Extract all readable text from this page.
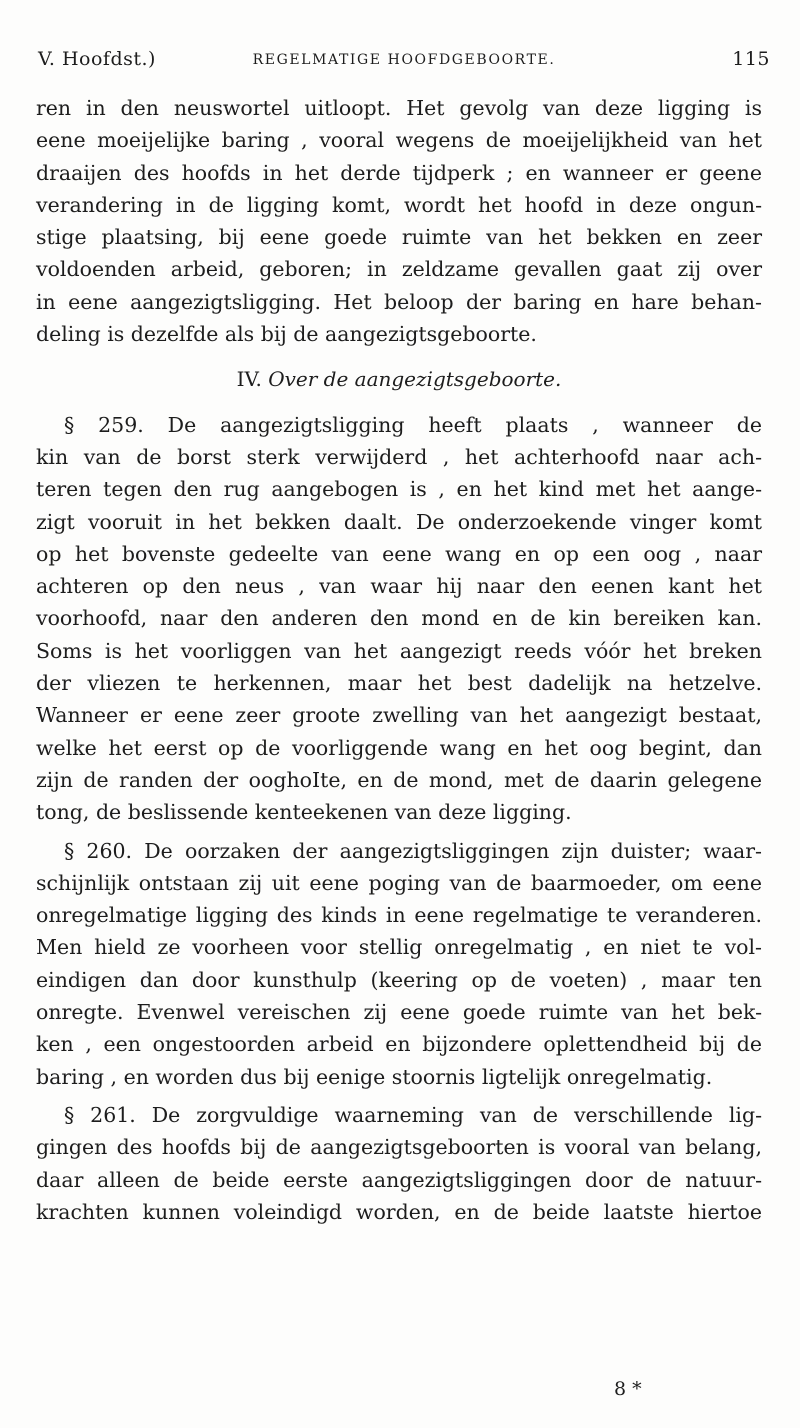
V. Hoofdst.)	REGELMATIGE HOOFDGEBOORTE.	115
ren in den neuswortel uitloopt. Het gevolg van deze ligging is
eene moeijelijke baring , vooral wegens de moeijelijkheid van het
draaijen des hoofds in het derde tijdperk ; en wanneer er geene
verandering in de ligging komt, wordt het hoofd in deze ongun-
stige plaatsing, bij eene goede ruimte van het bekken en zeer
voldoenden arbeid, geboren; in zeldzame gevallen gaat zij over
in eene aangezigtsligging. Het beloop der baring en hare behan-
deling is dezelfde als bij de aangezigtsgeboorte.
IV. Over de aangezigtsgeboorte.
§ 259. De aangezigtsligging heeft plaats , wanneer de
kin van de borst sterk verwijderd , het achterhoofd naar ach-
teren tegen den rug aangebogen is , en het kind met het aange-
zigt vooruit in het bekken daalt. De onderzoekende vinger komt
op het bovenste gedeelte van eene wang en op een oog , naar
achteren op den neus , van waar hij naar den eenen kant het
voorhoofd, naar den anderen den mond en de kin bereiken kan.
Soms is het voorliggen van het aangezigt reeds vóór het breken
der vliezen te herkennen, maar het best dadelijk na hetzelve.
Wanneer er eene zeer groote zwelling van het aangezigt bestaat,
welke het eerst op de voorliggende wang en het oog begint, dan
zijn de randen der ooghoIte, en de mond, met de daarin gelegene
tong, de beslissende kenteekenen van deze ligging.
§ 260. De oorzaken der aangezigtsliggingen zijn duister; waar-
schijnlijk ontstaan zij uit eene poging van de baarmoeder, om eene
onregelmatige ligging des kinds in eene regelmatige te veranderen.
Men hield ze voorheen voor stellig onregelmatig , en niet te vol-
eindigen dan door kunsthulp (keering op de voeten) , maar ten
onregte. Evenwel vereischen zij eene goede ruimte van het bek-
ken , een ongestoorden arbeid en bijzondere oplettendheid bij de
baring , en worden dus bij eenige stoornis ligtelijk onregelmatig.
§ 261. De zorgvuldige waarneming van de verschillende lig-
gingen des hoofds bij de aangezigtsgeboorten is vooral van belang,
daar alleen de beide eerste aangezigtsliggingen door de natuur-
krachten kunnen voleindigd worden, en de beide laatste hiertoe
8 *
